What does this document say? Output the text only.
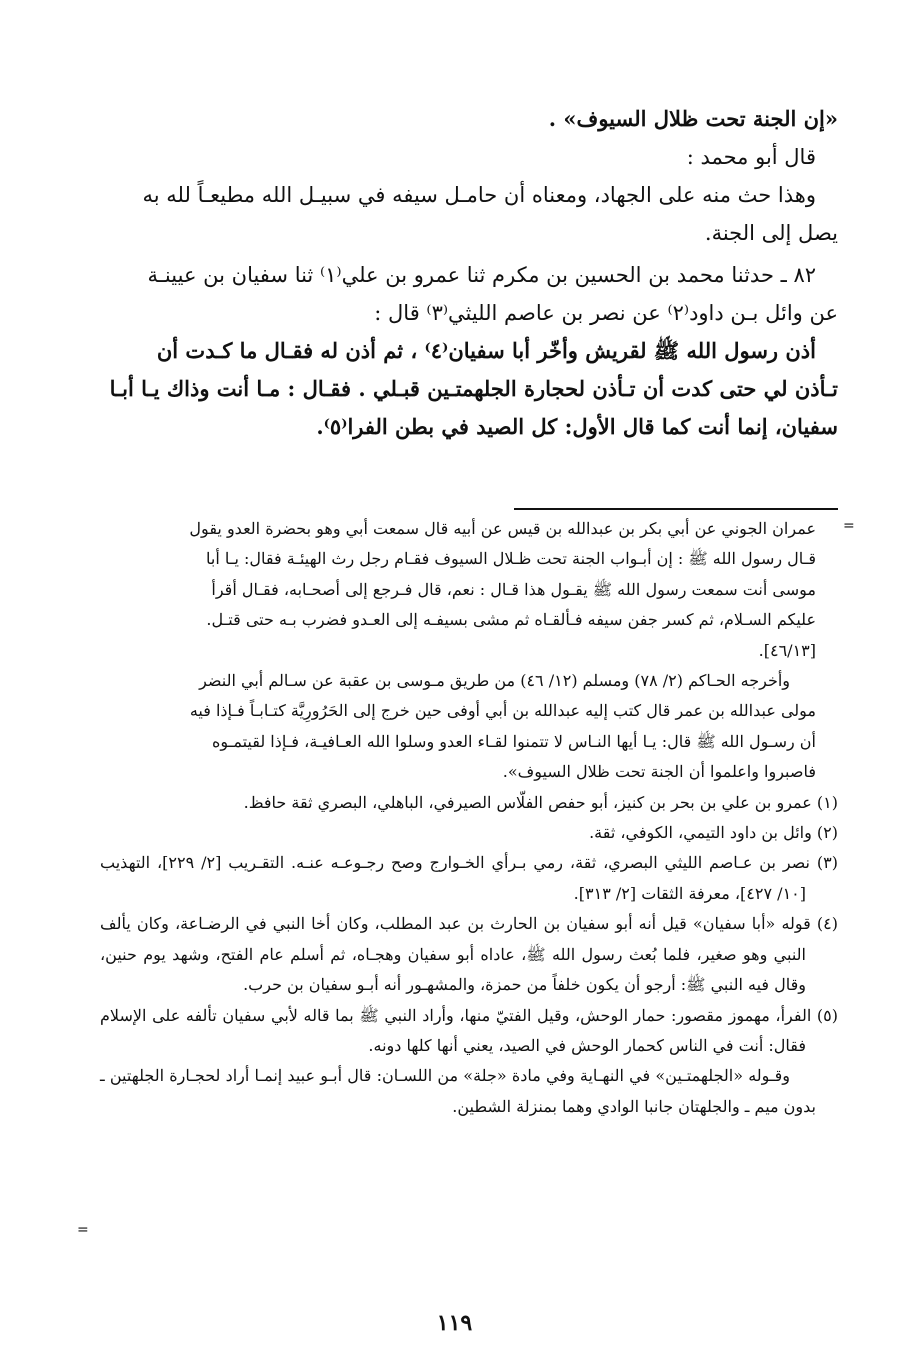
«إن الجنة تحت ظلال السيوف» .

قال أبو محمد :

وهذا حث منه على الجهاد، ومعناه أن حامـل سيفه في سبيـل الله مطيعـاً لله به

يصل إلى الجنة.

٨٢ ـ حدثنا محمد بن الحسين بن مكرم ثنا عمرو بن علي⁽١⁾ ثنا سفيان بن عيينـة

عن وائل بـن داود⁽٢⁾ عن نصر بن عاصم الليثي⁽٣⁾ قال :

أذن رسول الله ﷺ لقريش وأخّر أبا سفيان⁽٤⁾ ، ثم أذن له فقـال ما كـدت أن

تـأذن لي حتى كدت أن تـأذن لحجارة الجلهمتـين قبـلي . فقـال : مـا أنت وذاك يـا أبـا

سفيان، إنما أنت كما قال الأول: كل الصيد في بطن الفرا⁽٥⁾.

=

عمران الجوني عن أبي بكر بن عبدالله بن قيس عن أبيه قال سمعت أبي وهو بحضرة العدو يقول

قـال رسول الله ﷺ : إن أبـواب الجنة تحت ظـلال السيوف فقـام رجل رث الهيئـة فقال: يـا أبا

موسى أنت سمعت رسول الله ﷺ يقـول هذا قـال : نعم، قال فـرجع إلى أصحـابه، فقـال أقرأ

عليكم السـلام، ثم كسر جفن سيفه فـألقـاه ثم مشى بسيفـه إلى العـدو فضرب بـه حتى قتـل.

[٤٦/١٣].

وأخرجه الحـاكم (٢/ ٧٨) ومسلم (١٢/ ٤٦) من طريق مـوسى بن عقبة عن سـالم أبي النضر

مولى عبدالله بن عمر قال كتب إليه عبدالله بن أبي أوفى حين خرج إلى الحَرُورِيَّة كتـابـاً فـإذا فيه

أن رسـول الله ﷺ قال: يـا أيها النـاس لا تتمنوا لقـاء العدو وسلوا الله العـافيـة، فـإذا لقيتمـوه

فاصبروا واعلموا أن الجنة تحت ظلال السيوف».

(١) عمرو بن علي بن بحر بن كنيز، أبو حفص الفلّاس الصيرفي، الباهلي، البصري ثقة حافظ.

(٢) وائل بن داود التيمي، الكوفي، ثقة.

(٣) نصر بن عـاصم الليثي البصري، ثقة، رمي بـرأي الخـوارج وصح رجـوعـه عنـه. التقـريب [٢/ ٢٢٩]، التهذيب [١٠/ ٤٢٧]، معرفة الثقات [٢/ ٣١٣].

(٤) قوله «أبا سفيان» قيل أنه أبو سفيان بن الحارث بن عبد المطلب، وكان أخا النبي في الرضـاعة، وكان يألف النبي وهو صغير، فلما بُعث رسول الله ﷺ، عاداه أبو سفيان وهجـاه، ثم أسلم عام الفتح، وشهد يوم حنين، وقال فيه النبي ﷺ: أرجو أن يكون خلفاً من حمزة، والمشهـور أنه أبـو سفيان بن حرب.

(٥) الفرأ، مهموز مقصور: حمار الوحش، وقيل الفتيّ منها، وأراد النبي ﷺ بما قاله لأبي سفيان تألفه على الإسلام فقال: أنت في الناس كحمار الوحش في الصيد، يعني أنها كلها دونه.

وقـوله «الجلهمتـين» في النهـاية وفي مادة «جلة» من اللسـان: قال أبـو عبيد إنمـا أراد لحجـارة الجلهتين ـ بدون ميم ـ والجلهتان جانبا الوادي وهما بمنزلة الشطين.

=
١١٩
